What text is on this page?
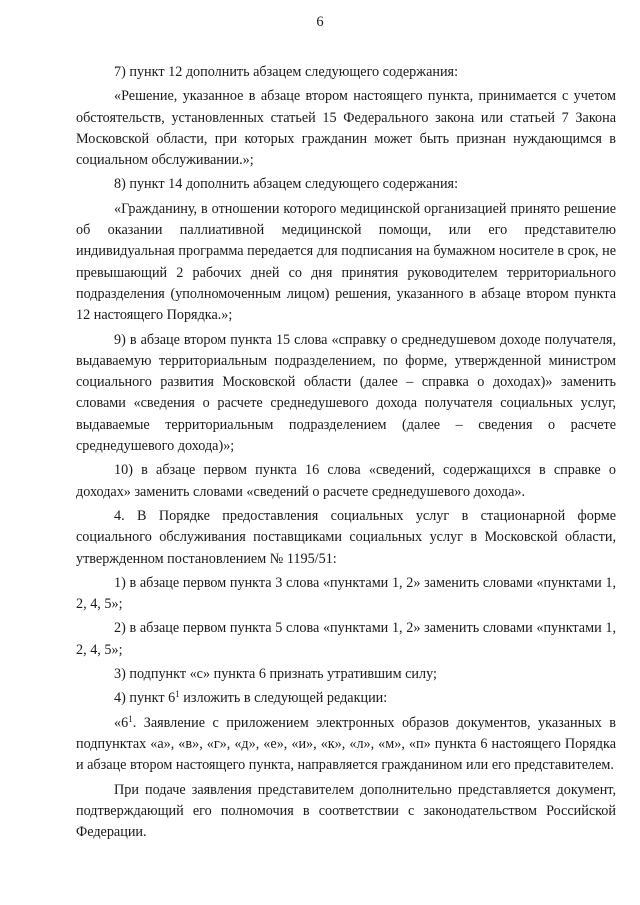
6

7) пункт 12 дополнить абзацем следующего содержания:

«Решение, указанное в абзаце втором настоящего пункта, принимается с учетом обстоятельств, установленных статьей 15 Федерального закона или статьей 7 Закона Московской области, при которых гражданин может быть признан нуждающимся в социальном обслуживании.»;

8) пункт 14 дополнить абзацем следующего содержания:

«Гражданину, в отношении которого медицинской организацией принято решение об оказании паллиативной медицинской помощи, или его представителю индивидуальная программа передается для подписания на бумажном носителе в срок, не превышающий 2 рабочих дней со дня принятия руководителем территориального подразделения (уполномоченным лицом) решения, указанного в абзаце втором пункта 12 настоящего Порядка.»;

9) в абзаце втором пункта 15 слова «справку о среднедушевом доходе получателя, выдаваемую территориальным подразделением, по форме, утвержденной министром социального развития Московской области (далее – справка о доходах)» заменить словами «сведения о расчете среднедушевого дохода получателя социальных услуг, выдаваемые территориальным подразделением (далее – сведения о расчете среднедушевого дохода)»;

10) в абзаце первом пункта 16 слова «сведений, содержащихся в справке о доходах» заменить словами «сведений о расчете среднедушевого дохода».

4. В Порядке предоставления социальных услуг в стационарной форме социального обслуживания поставщиками социальных услуг в Московской области, утвержденном постановлением № 1195/51:

1) в абзаце первом пункта 3 слова «пунктами 1, 2» заменить словами «пунктами 1, 2, 4, 5»;

2) в абзаце первом пункта 5 слова «пунктами 1, 2» заменить словами «пунктами 1, 2, 4, 5»;

3) подпункт «с» пункта 6 признать утратившим силу;

4) пункт $6^1$ изложить в следующей редакции:

«$6^1$. Заявление с приложением электронных образов документов, указанных в подпунктах «а», «в», «г», «д», «е», «и», «к», «л», «м», «п» пункта 6 настоящего Порядка и абзаце втором настоящего пункта, направляется гражданином или его представителем.

При подаче заявления представителем дополнительно представляется документ, подтверждающий его полномочия в соответствии с законодательством Российской Федерации.
